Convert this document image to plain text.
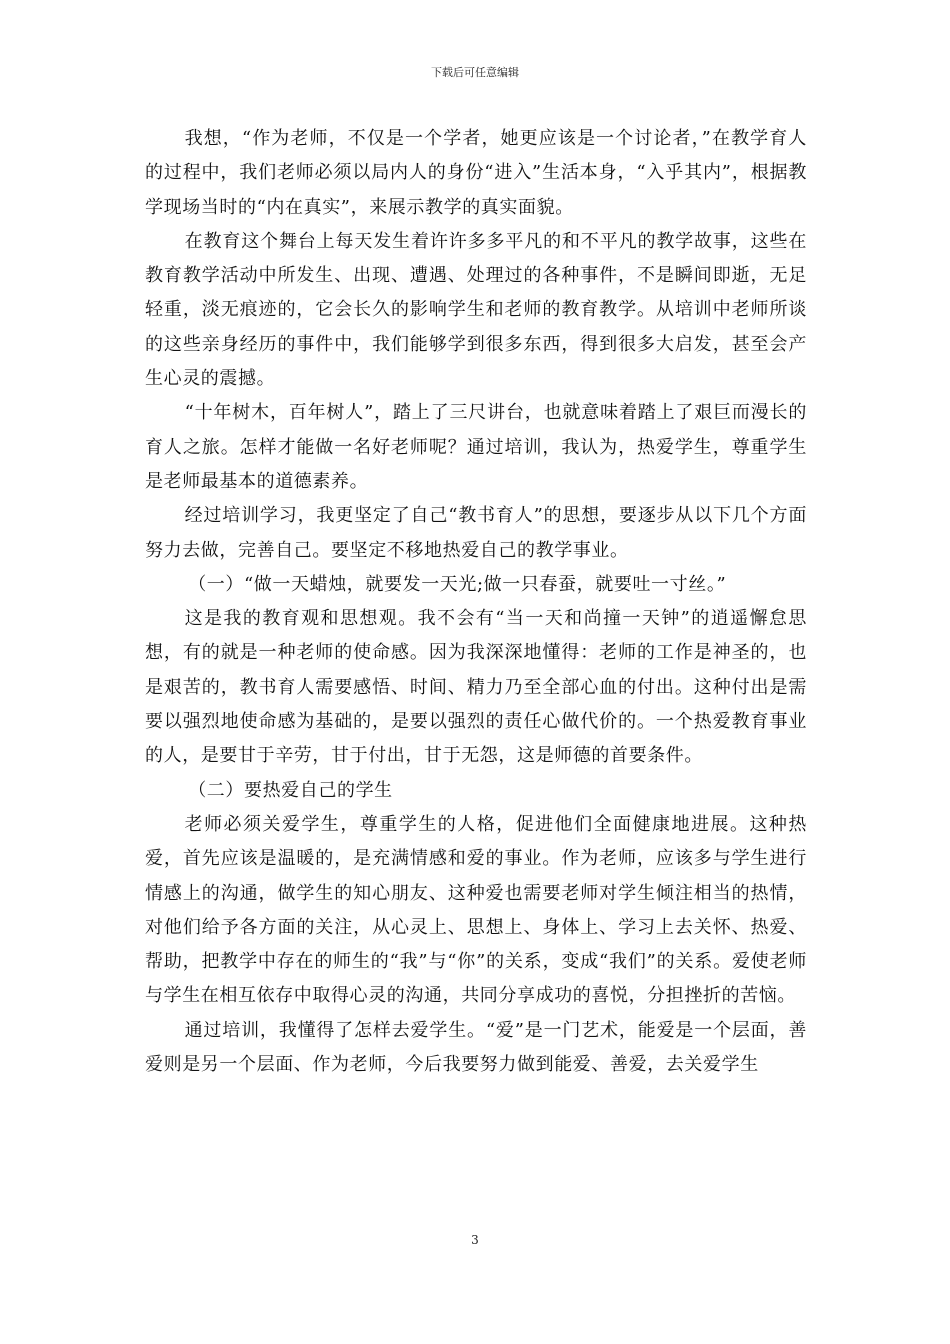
下载后可任意编辑

我想，“作为老师，不仅是一个学者，她更应该是一个讨论者，”在教学育人的过程中，我们老师必须以局内人的身份“进入”生活本身，“入乎其内”，根据教学现场当时的“内在真实”，来展示教学的真实面貌。

在教育这个舞台上每天发生着许许多多平凡的和不平凡的教学故事，这些在教育教学活动中所发生、出现、遭遇、处理过的各种事件，不是瞬间即逝，无足轻重，淡无痕迹的，它会长久的影响学生和老师的教育教学。从培训中老师所谈的这些亲身经历的事件中，我们能够学到很多东西，得到很多大启发，甚至会产生心灵的震撼。

“十年树木，百年树人”，踏上了三尺讲台，也就意味着踏上了艰巨而漫长的育人之旅。怎样才能做一名好老师呢？通过培训，我认为，热爱学生，尊重学生是老师最基本的道德素养。

经过培训学习，我更坚定了自己“教书育人”的思想，要逐步从以下几个方面努力去做，完善自己。要坚定不移地热爱自己的教学事业。

（一）“做一天蜡烛，就要发一天光;做一只春蚕，就要吐一寸丝。”

这是我的教育观和思想观。我不会有“当一天和尚撞一天钟”的逍遥懈怠思想，有的就是一种老师的使命感。因为我深深地懂得：老师的工作是神圣的，也是艰苦的，教书育人需要感悟、时间、精力乃至全部心血的付出。这种付出是需要以强烈地使命感为基础的，是要以强烈的责任心做代价的。一个热爱教育事业的人，是要甘于辛劳，甘于付出，甘于无怨，这是师德的首要条件。

（二）要热爱自己的学生

老师必须关爱学生，尊重学生的人格，促进他们全面健康地进展。这种热爱，首先应该是温暖的，是充满情感和爱的事业。作为老师，应该多与学生进行情感上的沟通，做学生的知心朋友、这种爱也需要老师对学生倾注相当的热情，对他们给予各方面的关注，从心灵上、思想上、身体上、学习上去关怀、热爱、帮助，把教学中存在的师生的“我”与“你”的关系，变成“我们”的关系。爱使老师与学生在相互依存中取得心灵的沟通，共同分享成功的喜悦，分担挫折的苦恼。

通过培训，我懂得了怎样去爱学生。“爱”是一门艺术，能爱是一个层面，善爱则是另一个层面、作为老师，今后我要努力做到能爱、善爱，去关爱学生

3
